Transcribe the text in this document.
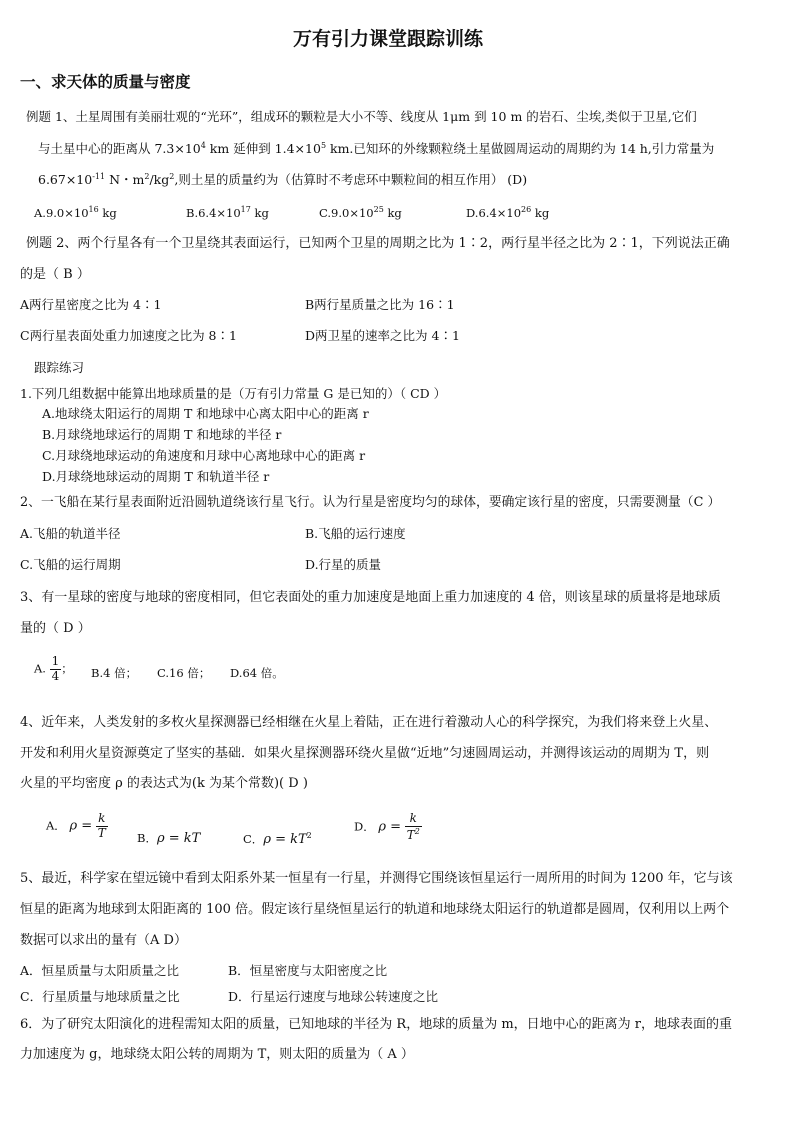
万有引力课堂跟踪训练
一、求天体的质量与密度
例题 1、土星周围有美丽壮观的“光环”，组成环的颗粒是大小不等、线度从 1μm 到 10 m 的岩石、尘埃,类似于卫星,它们
与土星中心的距离从 $7.3\times 10^4$ km 延伸到 $1.4\times 10^5$ km.已知环的外缘颗粒绕土星做圆周运动的周期约为 14 h,引力常量为
$6.67\times 10^{-11}$ N・$m^2/kg^2$,则土星的质量约为（估算时不考虑环中颗粒间的相互作用） (D)
$A.9.0\times 10^{16}$ kg	$B.6.4\times 10^{17}$ kg	$C.9.0\times 10^{25}$ kg	$D.6.4\times 10^{26}$ kg
例题 2、两个行星各有一个卫星绕其表面运行，已知两个卫星的周期之比为 1∶2，两行星半径之比为 2∶1，下列说法正确
的是（ B ）
A两行星密度之比为 4∶1	B两行星质量之比为 16∶1
C两行星表面处重力加速度之比为 8∶1	D两卫星的速率之比为 4∶1
跟踪练习
1.下列几组数据中能算出地球质量的是（万有引力常量 G 是已知的）（ CD ）
A.地球绕太阳运行的周期 T 和地球中心离太阳中心的距离 r
B.月球绕地球运行的周期 T 和地球的半径 r
C.月球绕地球运动的角速度和月球中心离地球中心的距离 r
D.月球绕地球运动的周期 T 和轨道半径 r
2、一飞船在某行星表面附近沿圆轨道绕该行星飞行。认为行星是密度均匀的球体，要确定该行星的密度，只需要测量（C ）
A.飞船的轨道半径	B.飞船的运行速度
C.飞船的运行周期	D.行星的质量
3、有一星球的密度与地球的密度相同，但它表面处的重力加速度是地面上重力加速度的 4 倍，则该星球的质量将是地球质
量的（ D ）
A. $\frac{1}{4}$ ； B.4 倍； C.16 倍； D.64 倍。
4、近年来，人类发射的多枚火星探测器已经相继在火星上着陆，正在进行着激动人心的科学探究，为我们将来登上火星、
开发和利用火星资源奠定了坚实的基础．如果火星探测器环绕火星做“近地”匀速圆周运动，并测得该运动的周期为 T，则
火星的平均密度 ρ 的表达式为(k 为某个常数)( D )
A． $\rho = \frac{k}{T}$	B．ρ = kT	C．$\rho = kT^2$
D． $\rho = \frac{k}{T^2}$
5、最近，科学家在望远镜中看到太阳系外某一恒星有一行星，并测得它围绕该恒星运行一周所用的时间为 1200 年，它与该
恒星的距离为地球到太阳距离的 100 倍。假定该行星绕恒星运行的轨道和地球绕太阳运行的轨道都是圆周，仅利用以上两个
数据可以求出的量有（A D）
A．恒星质量与太阳质量之比	B．恒星密度与太阳密度之比
C．行星质量与地球质量之比	D．行星运行速度与地球公转速度之比
6．为了研究太阳演化的进程需知太阳的质量，已知地球的半径为 R，地球的质量为 m，日地中心的距离为 r，地球表面的重
力加速度为 g，地球绕太阳公转的周期为 T，则太阳的质量为（ A ）
